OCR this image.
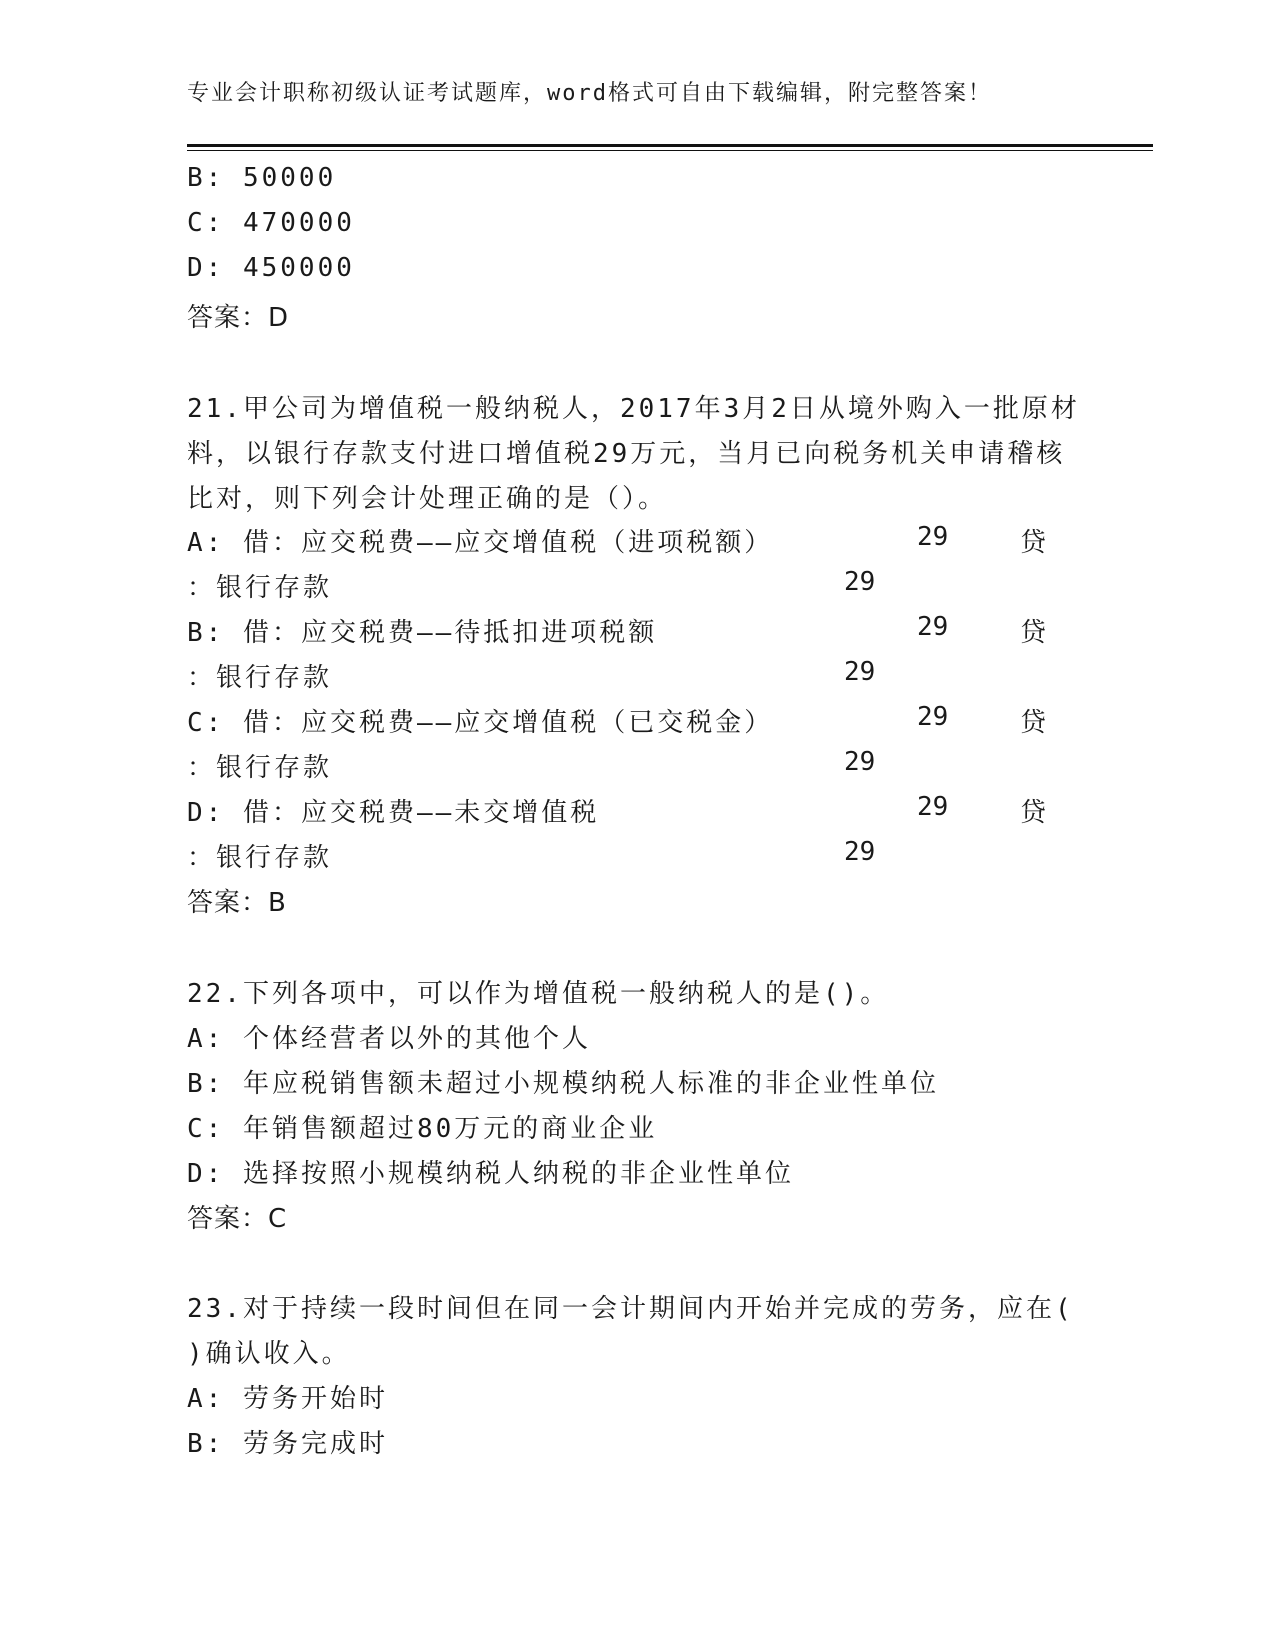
专业会计职称初级认证考试题库，word格式可自由下载编辑，附完整答案！
B: 50000
C: 470000
D: 450000
答案：D
21.甲公司为增值税一般纳税人，2017年3月2日从境外购入一批原材
料，以银行存款支付进口增值税29万元，当月已向税务机关申请稽核
比对，则下列会计处理正确的是（）。
A: 借：应交税费——应交增值税（进项税额）	29	贷
：银行存款	29
B: 借：应交税费——待抵扣进项税额	29	贷
：银行存款	29
C: 借：应交税费——应交增值税（已交税金）	29	贷
：银行存款	29
D: 借：应交税费——未交增值税	29	贷
：银行存款	29
答案：B
22.下列各项中，可以作为增值税一般纳税人的是()。
A: 个体经营者以外的其他个人
B: 年应税销售额未超过小规模纳税人标准的非企业性单位
C: 年销售额超过80万元的商业企业
D: 选择按照小规模纳税人纳税的非企业性单位
答案：C
23.对于持续一段时间但在同一会计期间内开始并完成的劳务，应在(
)确认收入。
A: 劳务开始时
B: 劳务完成时
